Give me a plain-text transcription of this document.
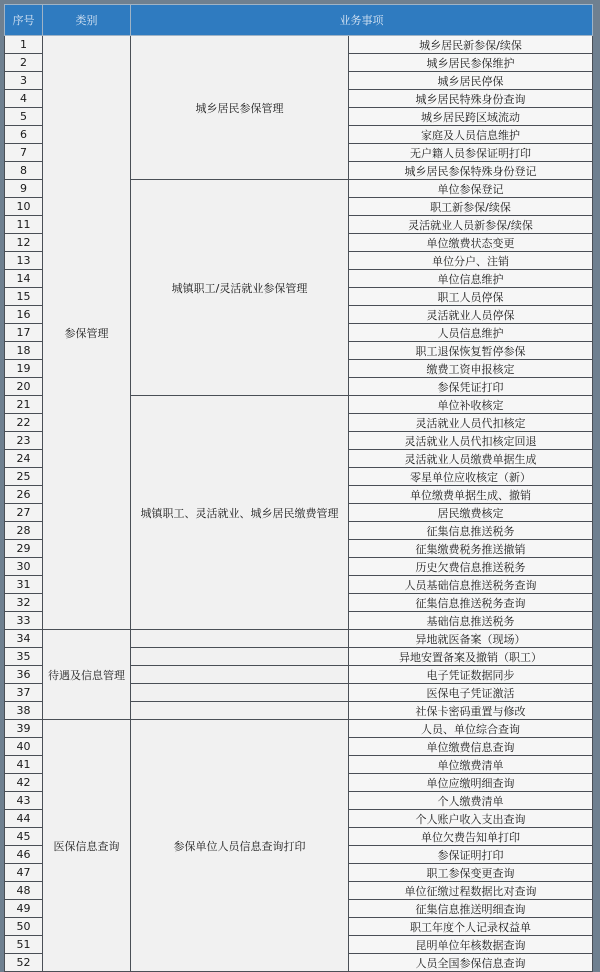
序号	类别	业务事项	
1	参保管理	城乡居民参保管理	城乡居民新参保/续保
2			城乡居民参保维护
3			城乡居民停保
4			城乡居民特殊身份查询
5			城乡居民跨区域流动
6			家庭及人员信息维护
7			无户籍人员参保证明打印
8			城乡居民参保特殊身份登记
9		城镇职工/灵活就业参保管理	单位参保登记
10			职工新参保/续保
11			灵活就业人员新参保/续保
12			单位缴费状态变更
13			单位分户、注销
14			单位信息维护
15			职工人员停保
16			灵活就业人员停保
17			人员信息维护
18			职工退保恢复暂停参保
19			缴费工资申报核定
20			参保凭证打印
21		城镇职工、灵活就业、城乡居民缴费管理	单位补收核定
22			灵活就业人员代扣核定
23			灵活就业人员代扣核定回退
24			灵活就业人员缴费单据生成
25			零星单位应收核定（新）
26			单位缴费单据生成、撤销
27			居民缴费核定
28			征集信息推送税务
29			征集缴费税务推送撤销
30			历史欠费信息推送税务
31			人员基础信息推送税务查询
32			征集信息推送税务查询
33			基础信息推送税务
34	待遇及信息管理		异地就医备案（现场）
35			异地安置备案及撤销（职工）
36			电子凭证数据同步
37			医保电子凭证激活
38			社保卡密码重置与修改
39	医保信息查询	参保单位人员信息查询打印	人员、单位综合查询
40			单位缴费信息查询
41			单位缴费清单
42			单位应缴明细查询
43			个人缴费清单
44			个人账户收入支出查询
45			单位欠费告知单打印
46			参保证明打印
47			职工参保变更查询
48			单位征缴过程数据比对查询
49			征集信息推送明细查询
50			职工年度个人记录权益单
51			昆明单位年核数据查询
52			人员全国参保信息查询
